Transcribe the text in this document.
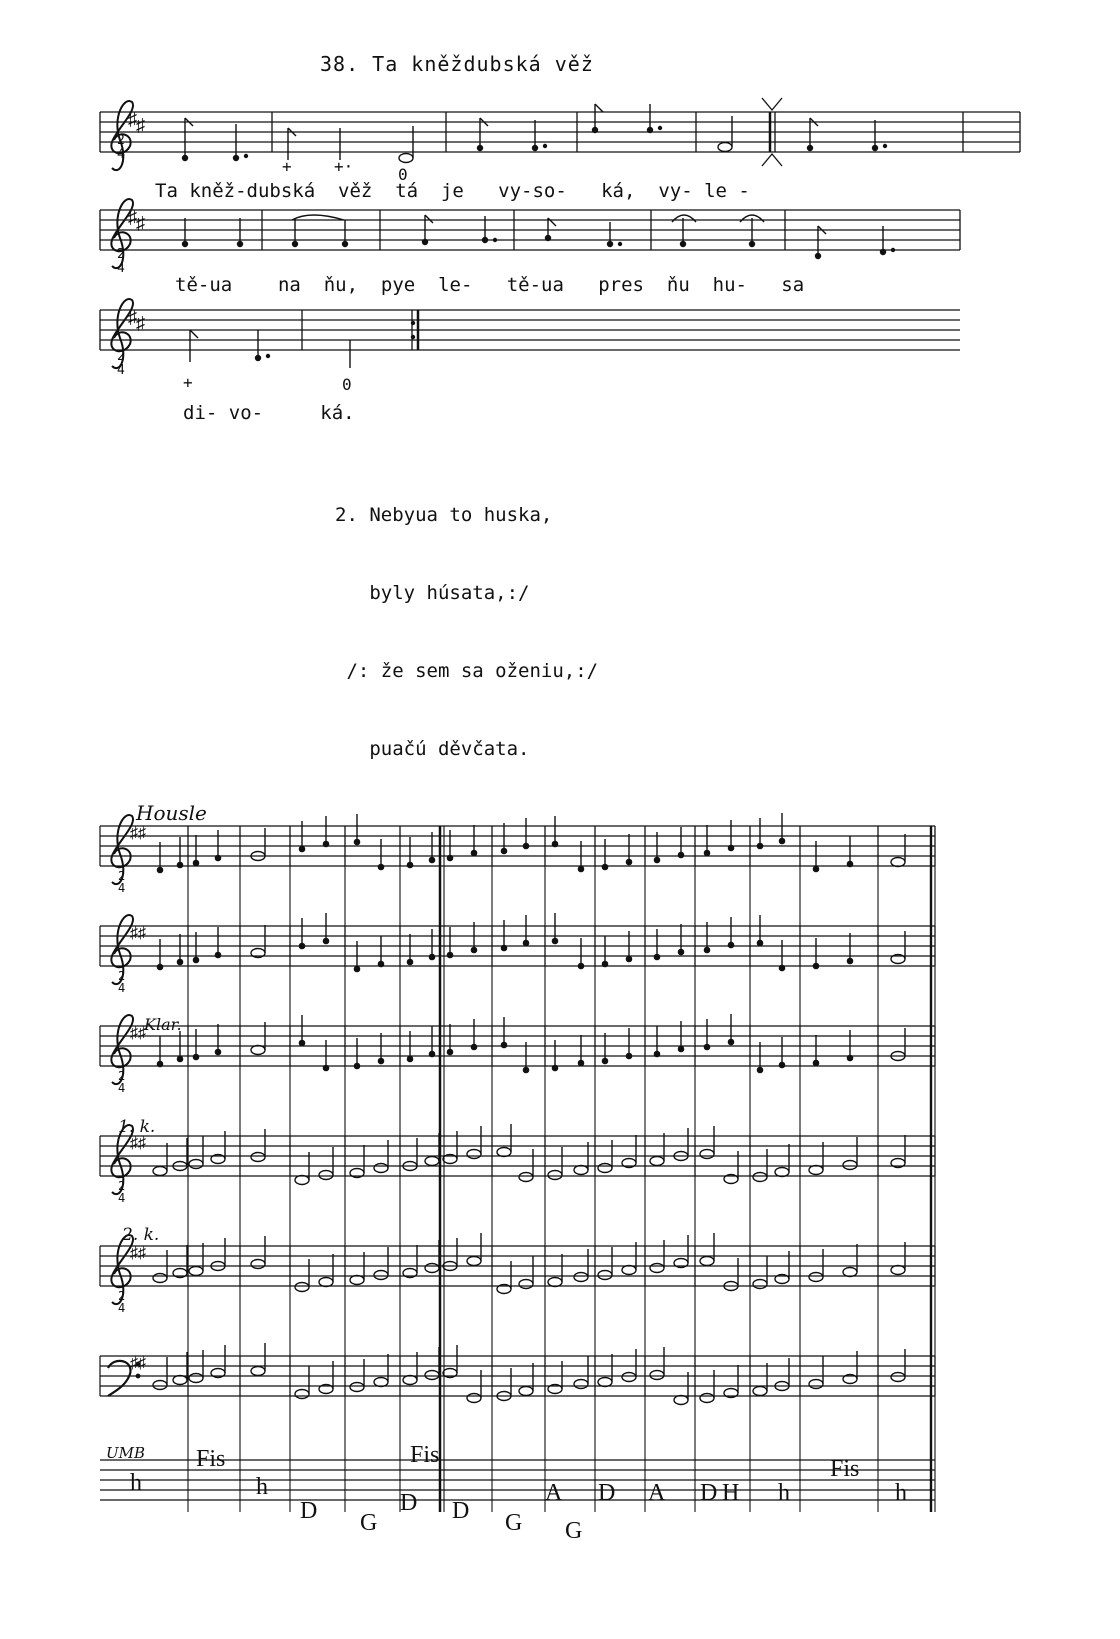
38. Ta kněždubská věž
♯ ♯
2
4
+	+·	0
♯ ♯
2
4
♯ ♯
2
4
+	0
Ta kněž-dubská  věž  tá  je   vy-so-   ká,  vy- le -
tě-ua    na  ňu,  pye  le-   tě-ua   pres  ňu  hu-   sa
di- vo-     ká.

2. Nebyua to huska,

byly húsata,:/

/: že sem sa oženiu,:/

puačú děvčata.

♯♯
2
4
♯♯
2
4
♯♯
2
4
♯♯
2
4
♯♯
2
4
♯♯
Housle
Klar.
1. k.
2. k.
UMB
h
Fis
h
D G
D
Fis
D G
A
G
D A D H h
Fis
h
